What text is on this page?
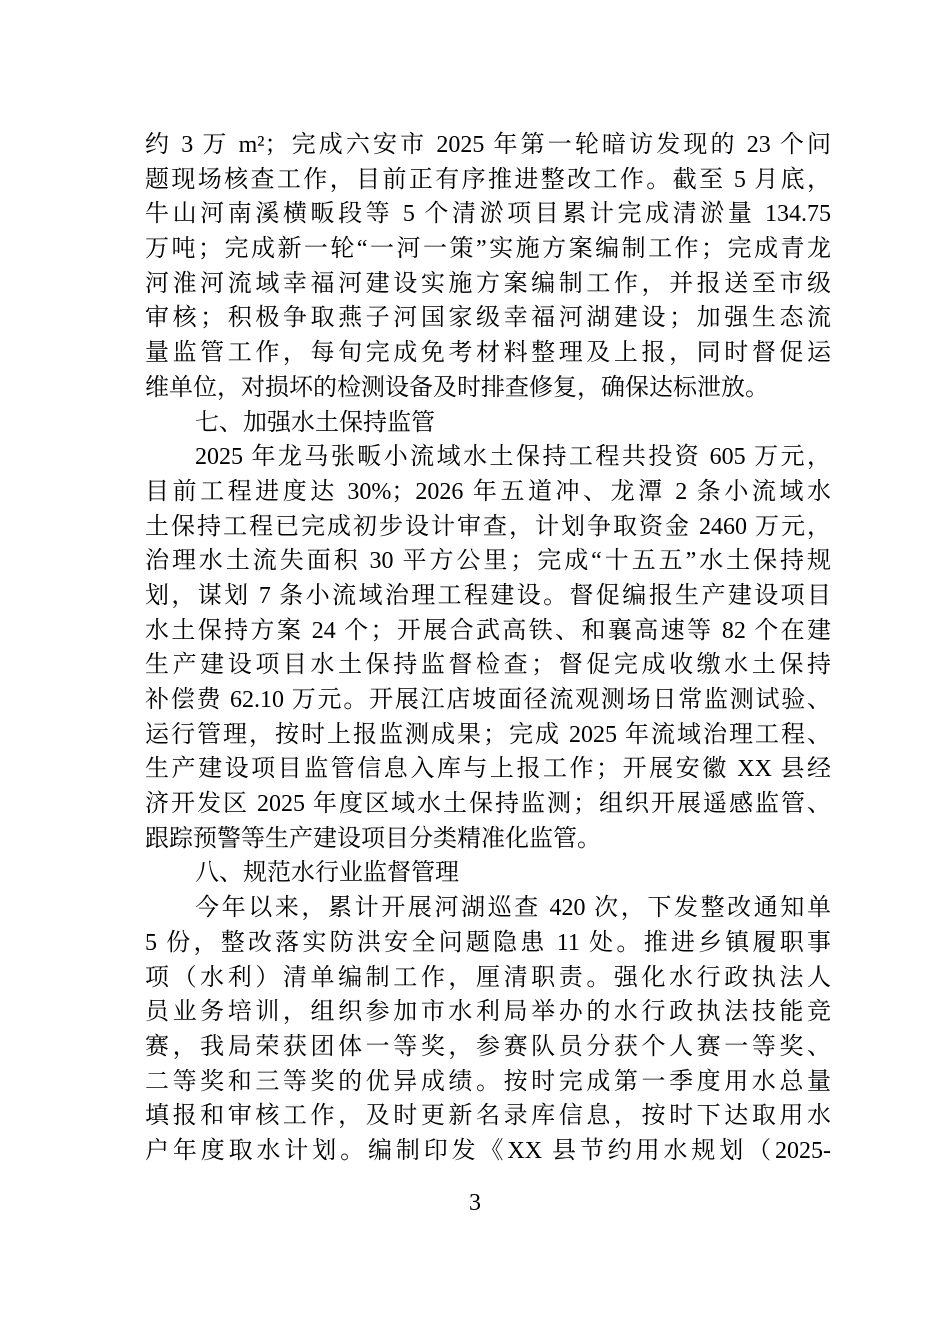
约 3 万 m²；完成六安市 2025 年第一轮暗访发现的 23 个问
题现场核查工作，目前正有序推进整改工作。截至 5 月底，
牛山河南溪横畈段等 5 个清淤项目累计完成清淤量 134.75
万吨；完成新一轮“一河一策”实施方案编制工作；完成青龙
河淮河流域幸福河建设实施方案编制工作，并报送至市级
审核；积极争取燕子河国家级幸福河湖建设；加强生态流
量监管工作，每旬完成免考材料整理及上报，同时督促运
维单位，对损坏的检测设备及时排查修复，确保达标泄放。
七、加强水土保持监管
2025 年龙马张畈小流域水土保持工程共投资 605 万元，
目前工程进度达 30%；2026 年五道冲、龙潭 2 条小流域水
土保持工程已完成初步设计审查，计划争取资金 2460 万元，
治理水土流失面积 30 平方公里；完成“十五五”水土保持规
划，谋划 7 条小流域治理工程建设。督促编报生产建设项目
水土保持方案 24 个；开展合武高铁、和襄高速等 82 个在建
生产建设项目水土保持监督检查；督促完成收缴水土保持
补偿费 62.10 万元。开展江店坡面径流观测场日常监测试验、
运行管理，按时上报监测成果；完成 2025 年流域治理工程、
生产建设项目监管信息入库与上报工作；开展安徽 XX 县经
济开发区 2025 年度区域水土保持监测；组织开展遥感监管、
跟踪预警等生产建设项目分类精准化监管。
八、规范水行业监督管理
今年以来，累计开展河湖巡查 420 次，下发整改通知单
5 份，整改落实防洪安全问题隐患 11 处。推进乡镇履职事
项（水利）清单编制工作，厘清职责。强化水行政执法人
员业务培训，组织参加市水利局举办的水行政执法技能竞
赛，我局荣获团体一等奖，参赛队员分获个人赛一等奖、
二等奖和三等奖的优异成绩。按时完成第一季度用水总量
填报和审核工作，及时更新名录库信息，按时下达取用水
户年度取水计划。编制印发《XX 县节约用水规划（2025-
3
